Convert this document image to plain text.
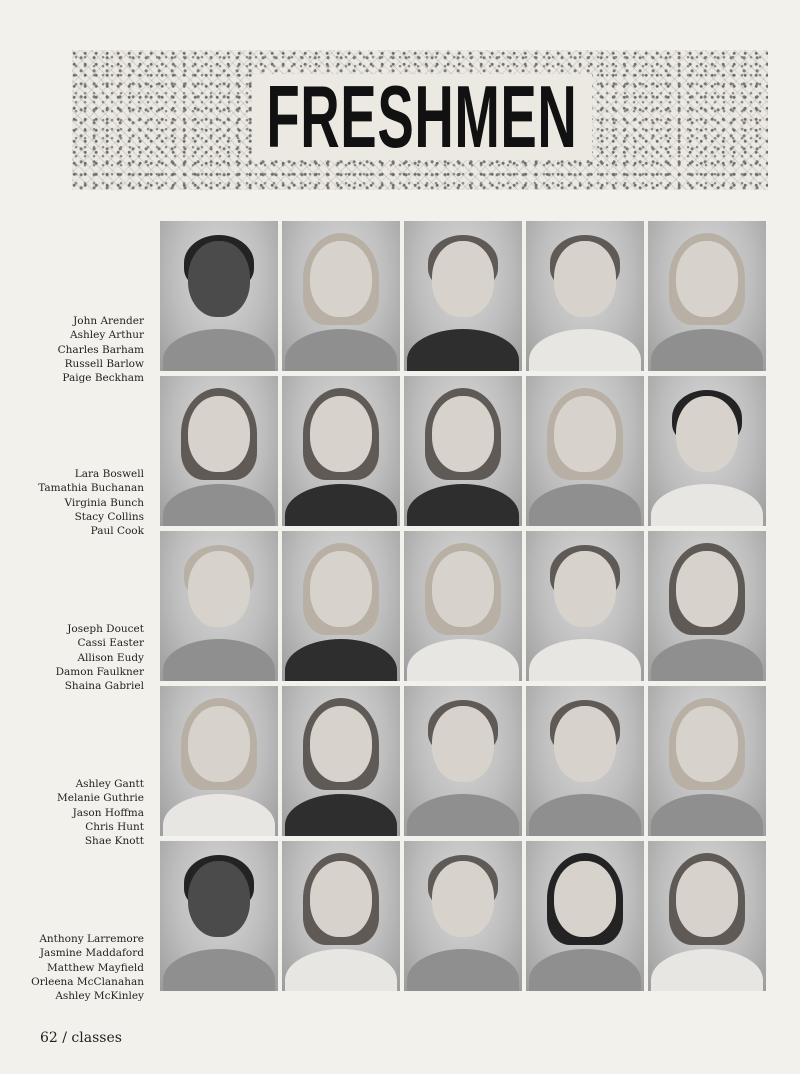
FRESHMEN
John Arender
Ashley Arthur
Charles Barham
Russell Barlow
Paige Beckham
Lara Boswell
Tamathia Buchanan
Virginia Bunch
Stacy Collins
Paul Cook
Joseph Doucet
Cassi Easter
Allison Eudy
Damon Faulkner
Shaina Gabriel
Ashley Gantt
Melanie Guthrie
Jason Hoffma
Chris Hunt
Shae Knott
Anthony Larremore
Jasmine Maddaford
Matthew Mayfield
Orleena McClanahan
Ashley McKinley
62 / classes
